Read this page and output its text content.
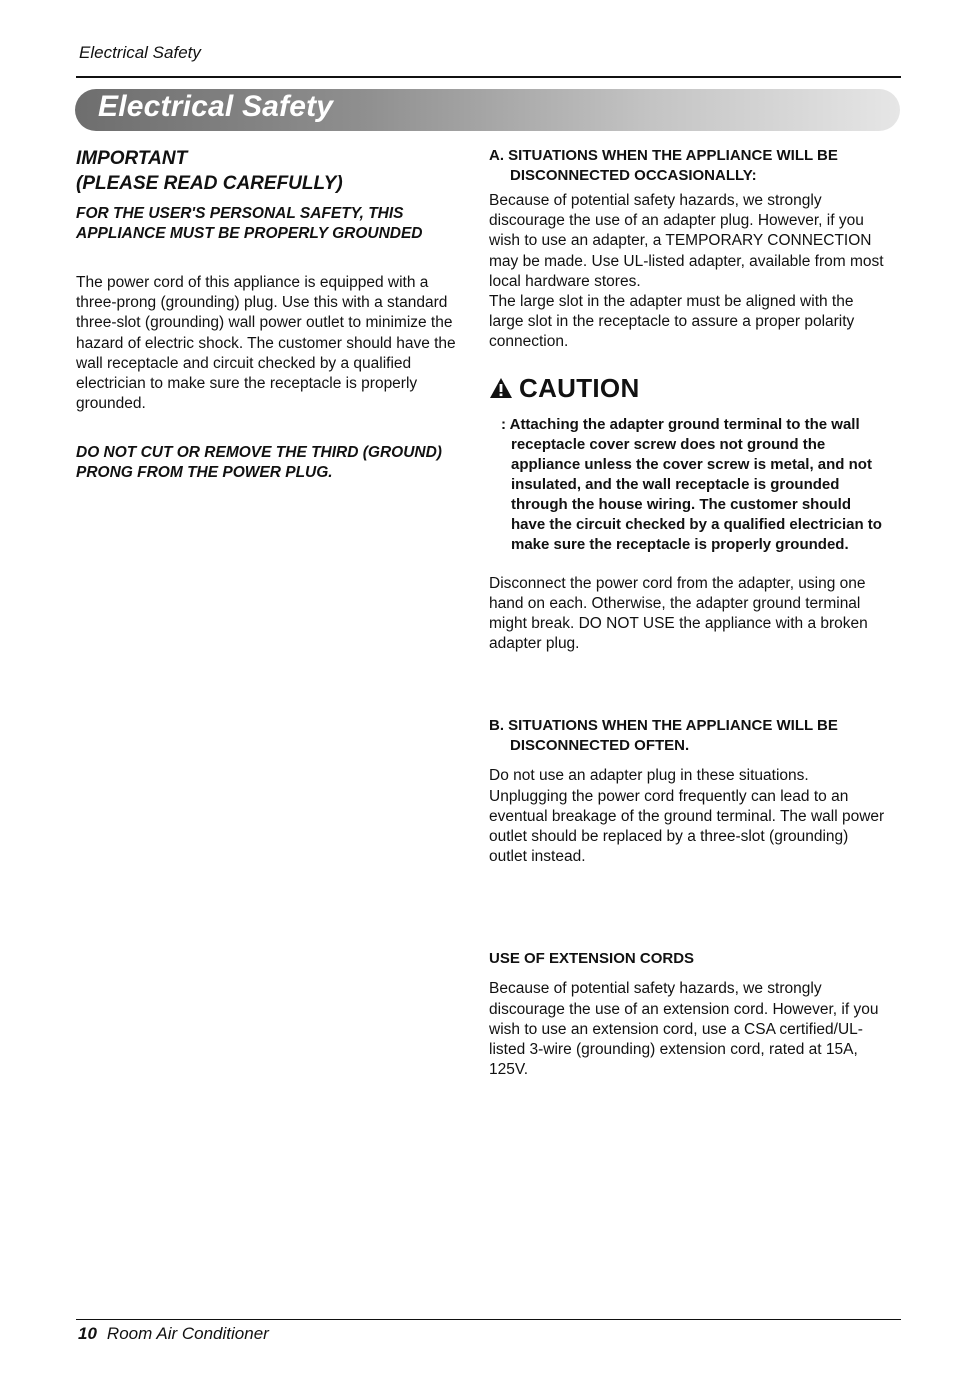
Electrical Safety
Electrical Safety

IMPORTANT
(PLEASE READ CAREFULLY)

FOR THE USER'S PERSONAL SAFETY, THIS APPLIANCE MUST BE PROPERLY GROUNDED

The power cord of this appliance is equipped with a three-prong (grounding) plug. Use this with a standard three-slot (grounding) wall power outlet to minimize the hazard of electric shock. The customer should have the wall receptacle and circuit checked by a qualified electrician to make sure the receptacle is properly grounded.

DO NOT CUT OR REMOVE THE THIRD (GROUND) PRONG FROM THE POWER PLUG.

A. SITUATIONS WHEN THE APPLIANCE WILL BE DISCONNECTED OCCASIONALLY:

Because of potential safety hazards, we strongly discourage the use of an adapter plug. However, if you wish to use an adapter, a TEMPORARY CONNECTION may be made. Use UL-listed adapter, available from most local hardware stores.

The large slot in the adapter must be aligned with the large slot in the receptacle to assure a proper polarity connection.

CAUTION

: Attaching the adapter ground terminal to the wall receptacle cover screw does not ground the appliance unless the cover screw is metal, and not insulated, and the wall receptacle is grounded through the house wiring. The customer should have the circuit checked by a qualified electrician to make sure the receptacle is properly grounded.

Disconnect the power cord from the adapter, using one hand on each. Otherwise, the adapter ground terminal might break. DO NOT USE the appliance with a broken adapter plug.

B. SITUATIONS WHEN THE APPLIANCE WILL BE DISCONNECTED OFTEN.

Do not use an adapter plug in these situations. Unplugging the power cord frequently can lead to an eventual breakage of the ground terminal. The wall power outlet should be replaced by a three-slot (grounding) outlet instead.

USE OF EXTENSION CORDS

Because of potential safety hazards, we strongly discourage the use of an extension cord. However, if you wish to use an extension cord, use a CSA certified/UL-listed 3-wire (grounding) extension cord, rated at 15A, 125V.

10 Room Air Conditioner
